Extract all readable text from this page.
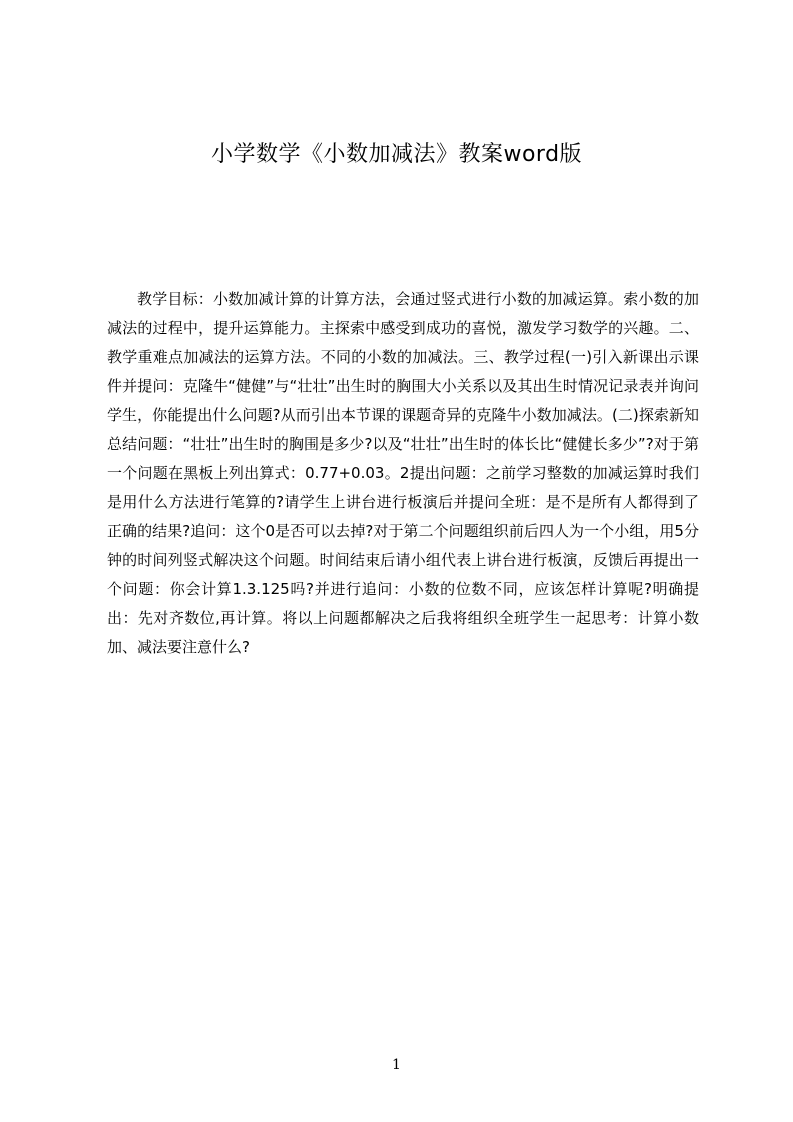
小学数学《小数加减法》教案word版
教学目标：小数加减计算的计算方法，会通过竖式进行小数的加减运算。索小数的加减法的过程中，提升运算能力。主探索中感受到成功的喜悦，激发学习数学的兴趣。二、教学重难点加减法的运算方法。不同的小数的加减法。三、教学过程(一)引入新课出示课件并提问：克隆牛“健健”与“壮壮”出生时的胸围大小关系以及其出生时情况记录表并询问学生，你能提出什么问题?从而引出本节课的课题奇异的克隆牛小数加减法。(二)探索新知总结问题：“壮壮”出生时的胸围是多少?以及“壮壮”出生时的体长比“健健长多少”?对于第一个问题在黑板上列出算式：0.77+0.03。2提出问题：之前学习整数的加减运算时我们是用什么方法进行笔算的?请学生上讲台进行板演后并提问全班：是不是所有人都得到了正确的结果?追问：这个0是否可以去掉?对于第二个问题组织前后四人为一个小组，用5分钟的时间列竖式解决这个问题。时间结束后请小组代表上讲台进行板演，反馈后再提出一个问题：你会计算1.3.125吗?并进行追问：小数的位数不同，应该怎样计算呢?明确提出：先对齐数位,再计算。将以上问题都解决之后我将组织全班学生一起思考：计算小数加、减法要注意什么?
1
